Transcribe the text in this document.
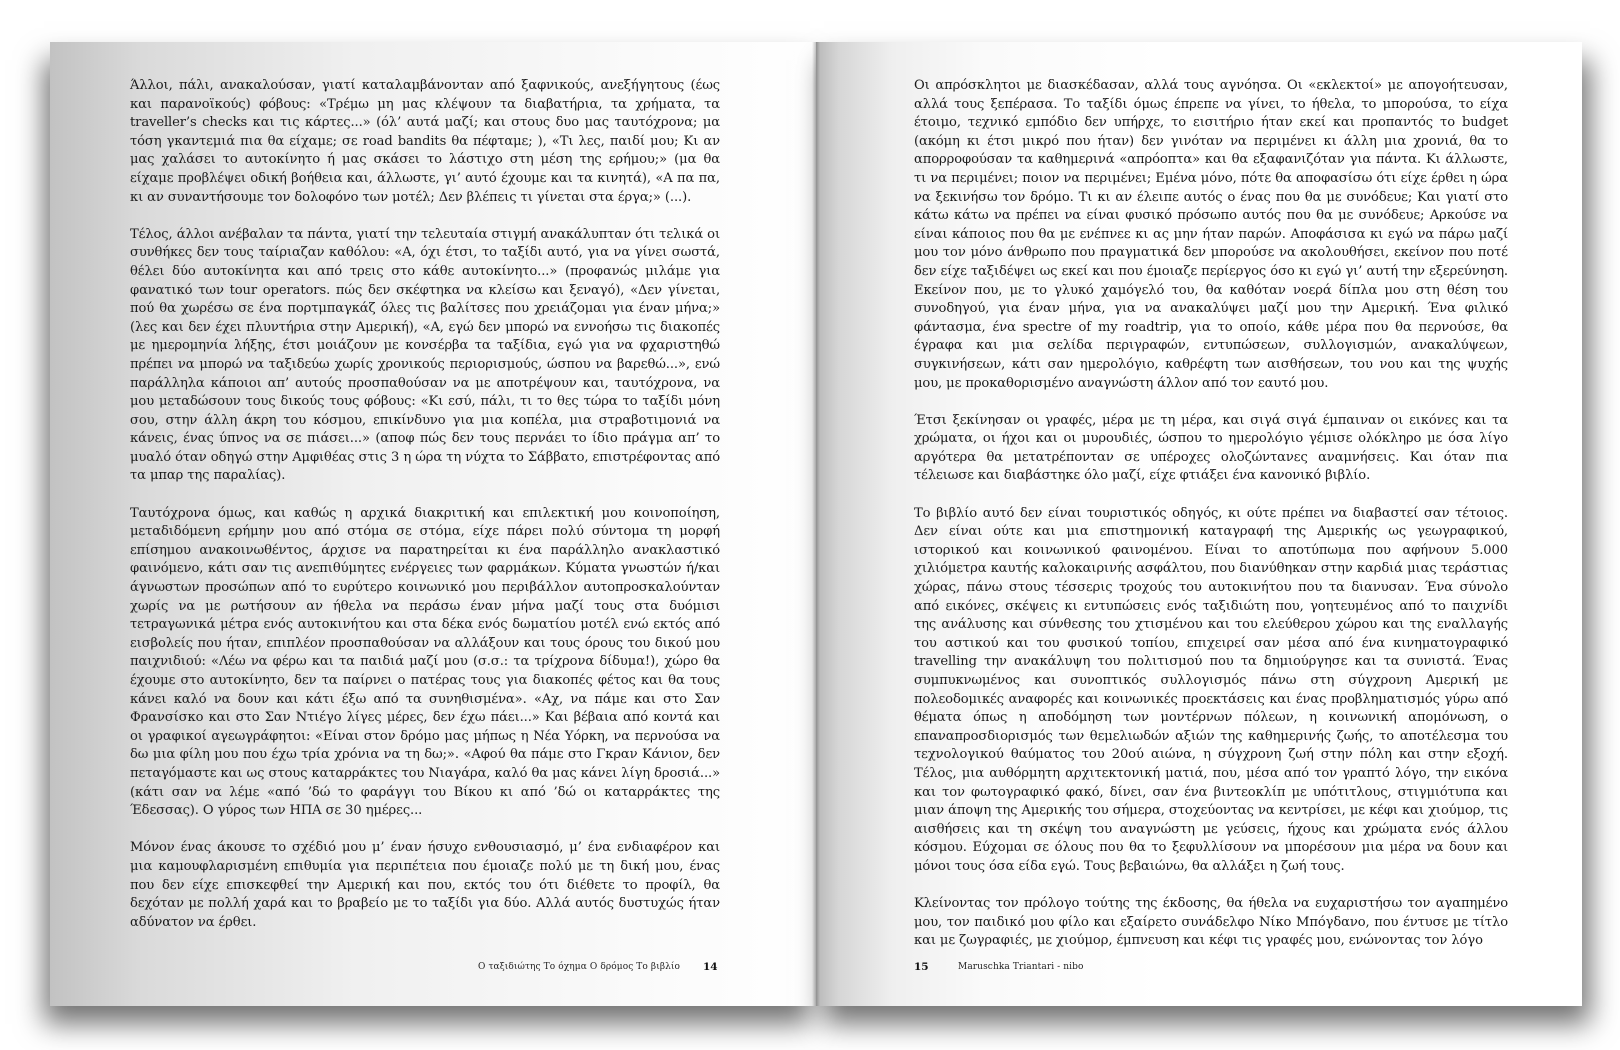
Άλλοι, πάλι, ανακαλούσαν, γιατί καταλαμβάνονταν από ξαφνικούς, ανεξήγητους (έως και παρανοϊκούς) φόβους: «Τρέμω μη μας κλέψουν τα διαβατήρια, τα χρήματα, τα traveller’s checks και τις κάρτες...» (όλ’ αυτά μαζί; και στους δυο μας ταυτόχρονα; μα τόση γκαντεμιά πια θα είχαμε; σε road bandits θα πέφταμε; ), «Τι λες, παιδί μου; Κι αν μας χαλάσει το αυτοκίνητο ή μας σκάσει το λάστιχο στη μέση της ερήμου;» (μα θα είχαμε προβλέψει οδική βοήθεια και, άλλωστε, γι’ αυτό έχουμε και τα κινητά), «Α πα πα, κι αν συναντήσουμε τον δολοφόνο των μοτέλ; Δεν βλέπεις τι γίνεται στα έργα;» (...).

Τέλος, άλλοι ανέβαλαν τα πάντα, γιατί την τελευταία στιγμή ανακάλυπταν ότι τελικά οι συνθήκες δεν τους ταίριαζαν καθόλου: «Α, όχι έτσι, το ταξίδι αυτό, για να γίνει σωστά, θέλει δύο αυτοκίνητα και από τρεις στο κάθε αυτοκίνητο...» (προφανώς μιλάμε για φανατικό των tour operators. πώς δεν σκέφτηκα να κλείσω και ξεναγό), «Δεν γίνεται, πού θα χωρέσω σε ένα πορτμπαγκάζ όλες τις βαλίτσες που χρειάζομαι για έναν μήνα;» (λες και δεν έχει πλυντήρια στην Αμερική), «Α, εγώ δεν μπορώ να εννοήσω τις διακοπές με ημερομηνία λήξης, έτσι μοιάζουν με κονσέρβα τα ταξίδια, εγώ για να φχαριστηθώ πρέπει να μπορώ να ταξιδεύω χωρίς χρονικούς περιορισμούς, ώσπου να βαρεθώ...», ενώ παράλληλα κάποιοι απ’ αυτούς προσπαθούσαν να με αποτρέψουν και, ταυτόχρονα, να μου μεταδώσουν τους δικούς τους φόβους: «Κι εσύ, πάλι, τι το θες τώρα το ταξίδι μόνη σου, στην άλλη άκρη του κόσμου, επικίνδυνο για μια κοπέλα, μια στραβοτιμονιά να κάνεις, ένας ύπνος να σε πιάσει...» (αποφ πώς δεν τους περνάει το ίδιο πράγμα απ’ το μυαλό όταν οδηγώ στην Αμφιθέας στις 3 η ώρα τη νύχτα το Σάββατο, επιστρέφοντας από τα μπαρ της παραλίας).

Ταυτόχρονα όμως, και καθώς η αρχικά διακριτική και επιλεκτική μου κοινοποίηση, μεταδιδόμενη ερήμην μου από στόμα σε στόμα, είχε πάρει πολύ σύντομα τη μορφή επίσημου ανακοινωθέντος, άρχισε να παρατηρείται κι ένα παράλληλο ανακλαστικό φαινόμενο, κάτι σαν τις ανεπιθύμητες ενέργειες των φαρμάκων. Κύματα γνωστών ή/και άγνωστων προσώπων από το ευρύτερο κοινωνικό μου περιβάλλον αυτοπροσκαλούνταν χωρίς να με ρωτήσουν αν ήθελα να περάσω έναν μήνα μαζί τους στα δυόμισι τετραγωνικά μέτρα ενός αυτοκινήτου και στα δέκα ενός δωματίου μοτέλ ενώ εκτός από εισβολείς που ήταν, επιπλέον προσπαθούσαν να αλλάξουν και τους όρους του δικού μου παιχνιδιού: «Λέω να φέρω και τα παιδιά μαζί μου (σ.σ.: τα τρίχρονα δίδυμα!), χώρο θα έχουμε στο αυτοκίνητο, δεν τα παίρνει ο πατέρας τους για διακοπές φέτος και θα τους κάνει καλό να δουν και κάτι έξω από τα συνηθισμένα». «Αχ, να πάμε και στο Σαν Φρανσίσκο και στο Σαν Ντιέγο λίγες μέρες, δεν έχω πάει...» Και βέβαια από κοντά και οι γραφικοί αγεωγράφητοι: «Είναι στον δρόμο μας μήπως η Νέα Υόρκη, να περνούσα να δω μια φίλη μου που έχω τρία χρόνια να τη δω;». «Αφού θα πάμε στο Γκραν Κάνιον, δεν πεταγόμαστε και ως στους καταρράκτες του Νιαγάρα, καλό θα μας κάνει λίγη δροσιά...» (κάτι σαν να λέμε «από ’δώ το φαράγγι του Βίκου κι από ’δώ οι καταρράκτες της Έδεσσας). Ο γύρος των ΗΠΑ σε 30 ημέρες...

Μόνον ένας άκουσε το σχέδιό μου μ’ έναν ήσυχο ενθουσιασμό, μ’ ένα ενδιαφέρον και μια καμουφλαρισμένη επιθυμία για περιπέτεια που έμοιαζε πολύ με τη δική μου, ένας που δεν είχε επισκεφθεί την Αμερική και που, εκτός του ότι διέθετε το προφίλ, θα δεχόταν με πολλή χαρά και το βραβείο με το ταξίδι για δύο. Αλλά αυτός δυστυχώς ήταν αδύνατον να έρθει.

Ο ταξιδιώτης Το όχημα Ο δρόμος Το βιβλίο 14

Οι απρόσκλητοι με διασκέδασαν, αλλά τους αγνόησα. Οι «εκλεκτοί» με απογοήτευσαν, αλλά τους ξεπέρασα. Το ταξίδι όμως έπρεπε να γίνει, το ήθελα, το μπορούσα, το είχα έτοιμο, τεχνικό εμπόδιο δεν υπήρχε, το εισιτήριο ήταν εκεί και προπαντός το budget (ακόμη κι έτσι μικρό που ήταν) δεν γινόταν να περιμένει κι άλλη μια χρονιά, θα το απορροφούσαν τα καθημερινά «απρόοπτα» και θα εξαφανιζόταν για πάντα. Κι άλλωστε, τι να περιμένει; ποιον να περιμένει; Εμένα μόνο, πότε θα αποφασίσω ότι είχε έρθει η ώρα να ξεκινήσω τον δρόμο. Τι κι αν έλειπε αυτός ο ένας που θα με συνόδευε; Και γιατί στο κάτω κάτω να πρέπει να είναι φυσικό πρόσωπο αυτός που θα με συνόδευε; Αρκούσε να είναι κάποιος που θα με ενέπνεε κι ας μην ήταν παρών. Αποφάσισα κι εγώ να πάρω μαζί μου τον μόνο άνθρωπο που πραγματικά δεν μπορούσε να ακολουθήσει, εκείνον που ποτέ δεν είχε ταξιδέψει ως εκεί και που έμοιαζε περίεργος όσο κι εγώ γι’ αυτή την εξερεύνηση. Εκείνον που, με το γλυκό χαμόγελό του, θα καθόταν νοερά δίπλα μου στη θέση του συνοδηγού, για έναν μήνα, για να ανακαλύψει μαζί μου την Αμερική. Ένα φιλικό φάντασμα, ένα spectre of my roadtrip, για το οποίο, κάθε μέρα που θα περνούσε, θα έγραφα και μια σελίδα περιγραφών, εντυπώσεων, συλλογισμών, ανακαλύψεων, συγκινήσεων, κάτι σαν ημερολόγιο, καθρέφτη των αισθήσεων, του νου και της ψυχής μου, με προκαθορισμένο αναγνώστη άλλον από τον εαυτό μου.

Έτσι ξεκίνησαν οι γραφές, μέρα με τη μέρα, και σιγά σιγά έμπαιναν οι εικόνες και τα χρώματα, οι ήχοι και οι μυρουδιές, ώσπου το ημερολόγιο γέμισε ολόκληρο με όσα λίγο αργότερα θα μετατρέπονταν σε υπέροχες ολοζώντανες αναμνήσεις. Και όταν πια τέλειωσε και διαβάστηκε όλο μαζί, είχε φτιάξει ένα κανονικό βιβλίο.

Το βιβλίο αυτό δεν είναι τουριστικός οδηγός, κι ούτε πρέπει να διαβαστεί σαν τέτοιος. Δεν είναι ούτε και μια επιστημονική καταγραφή της Αμερικής ως γεωγραφικού, ιστορικού και κοινωνικού φαινομένου. Είναι το αποτύπωμα που αφήνουν 5.000 χιλιόμετρα καυτής καλοκαιρινής ασφάλτου, που διανύθηκαν στην καρδιά μιας τεράστιας χώρας, πάνω στους τέσσερις τροχούς του αυτοκινήτου που τα διανυσαν. Ένα σύνολο από εικόνες, σκέψεις κι εντυπώσεις ενός ταξιδιώτη που, γοητευμένος από το παιχνίδι της ανάλυσης και σύνθεσης του χτισμένου και του ελεύθερου χώρου και της εναλλαγής του αστικού και του φυσικού τοπίου, επιχειρεί σαν μέσα από ένα κινηματογραφικό travelling την ανακάλυψη του πολιτισμού που τα δημιούργησε και τα συνιστά. Ένας συμπυκνωμένος και συνοπτικός συλλογισμός πάνω στη σύγχρονη Αμερική με πολεοδομικές αναφορές και κοινωνικές προεκτάσεις και ένας προβληματισμός γύρω από θέματα όπως η αποδόμηση των μοντέρνων πόλεων, η κοινωνική απομόνωση, ο επαναπροσδιορισμός των θεμελιωδών αξιών της καθημερινής ζωής, το αποτέλεσμα του τεχνολογικού θαύματος του 20ού αιώνα, η σύγχρονη ζωή στην πόλη και στην εξοχή. Τέλος, μια αυθόρμητη αρχιτεκτονική ματιά, που, μέσα από τον γραπτό λόγο, την εικόνα και τον φωτογραφικό φακό, δίνει, σαν ένα βιντεοκλίπ με υπότιτλους, στιγμιότυπα και μιαν άποψη της Αμερικής του σήμερα, στοχεύοντας να κεντρίσει, με κέφι και χιούμορ, τις αισθήσεις και τη σκέψη του αναγνώστη με γεύσεις, ήχους και χρώματα ενός άλλου κόσμου. Εύχομαι σε όλους που θα το ξεφυλλίσουν να μπορέσουν μια μέρα να δουν και μόνοι τους όσα είδα εγώ. Τους βεβαιώνω, θα αλλάξει η ζωή τους.

Κλείνοντας τον πρόλογο τούτης της έκδοσης, θα ήθελα να ευχαριστήσω τον αγαπημένο μου, τον παιδικό μου φίλο και εξαίρετο συνάδελφο Νίκο Μπόγδανο, που έντυσε με τίτλο και με ζωγραφιές, με χιούμορ, έμπνευση και κέφι τις γραφές μου, ενώνοντας τον λόγο

15	Maruschka Triantari - nibo
